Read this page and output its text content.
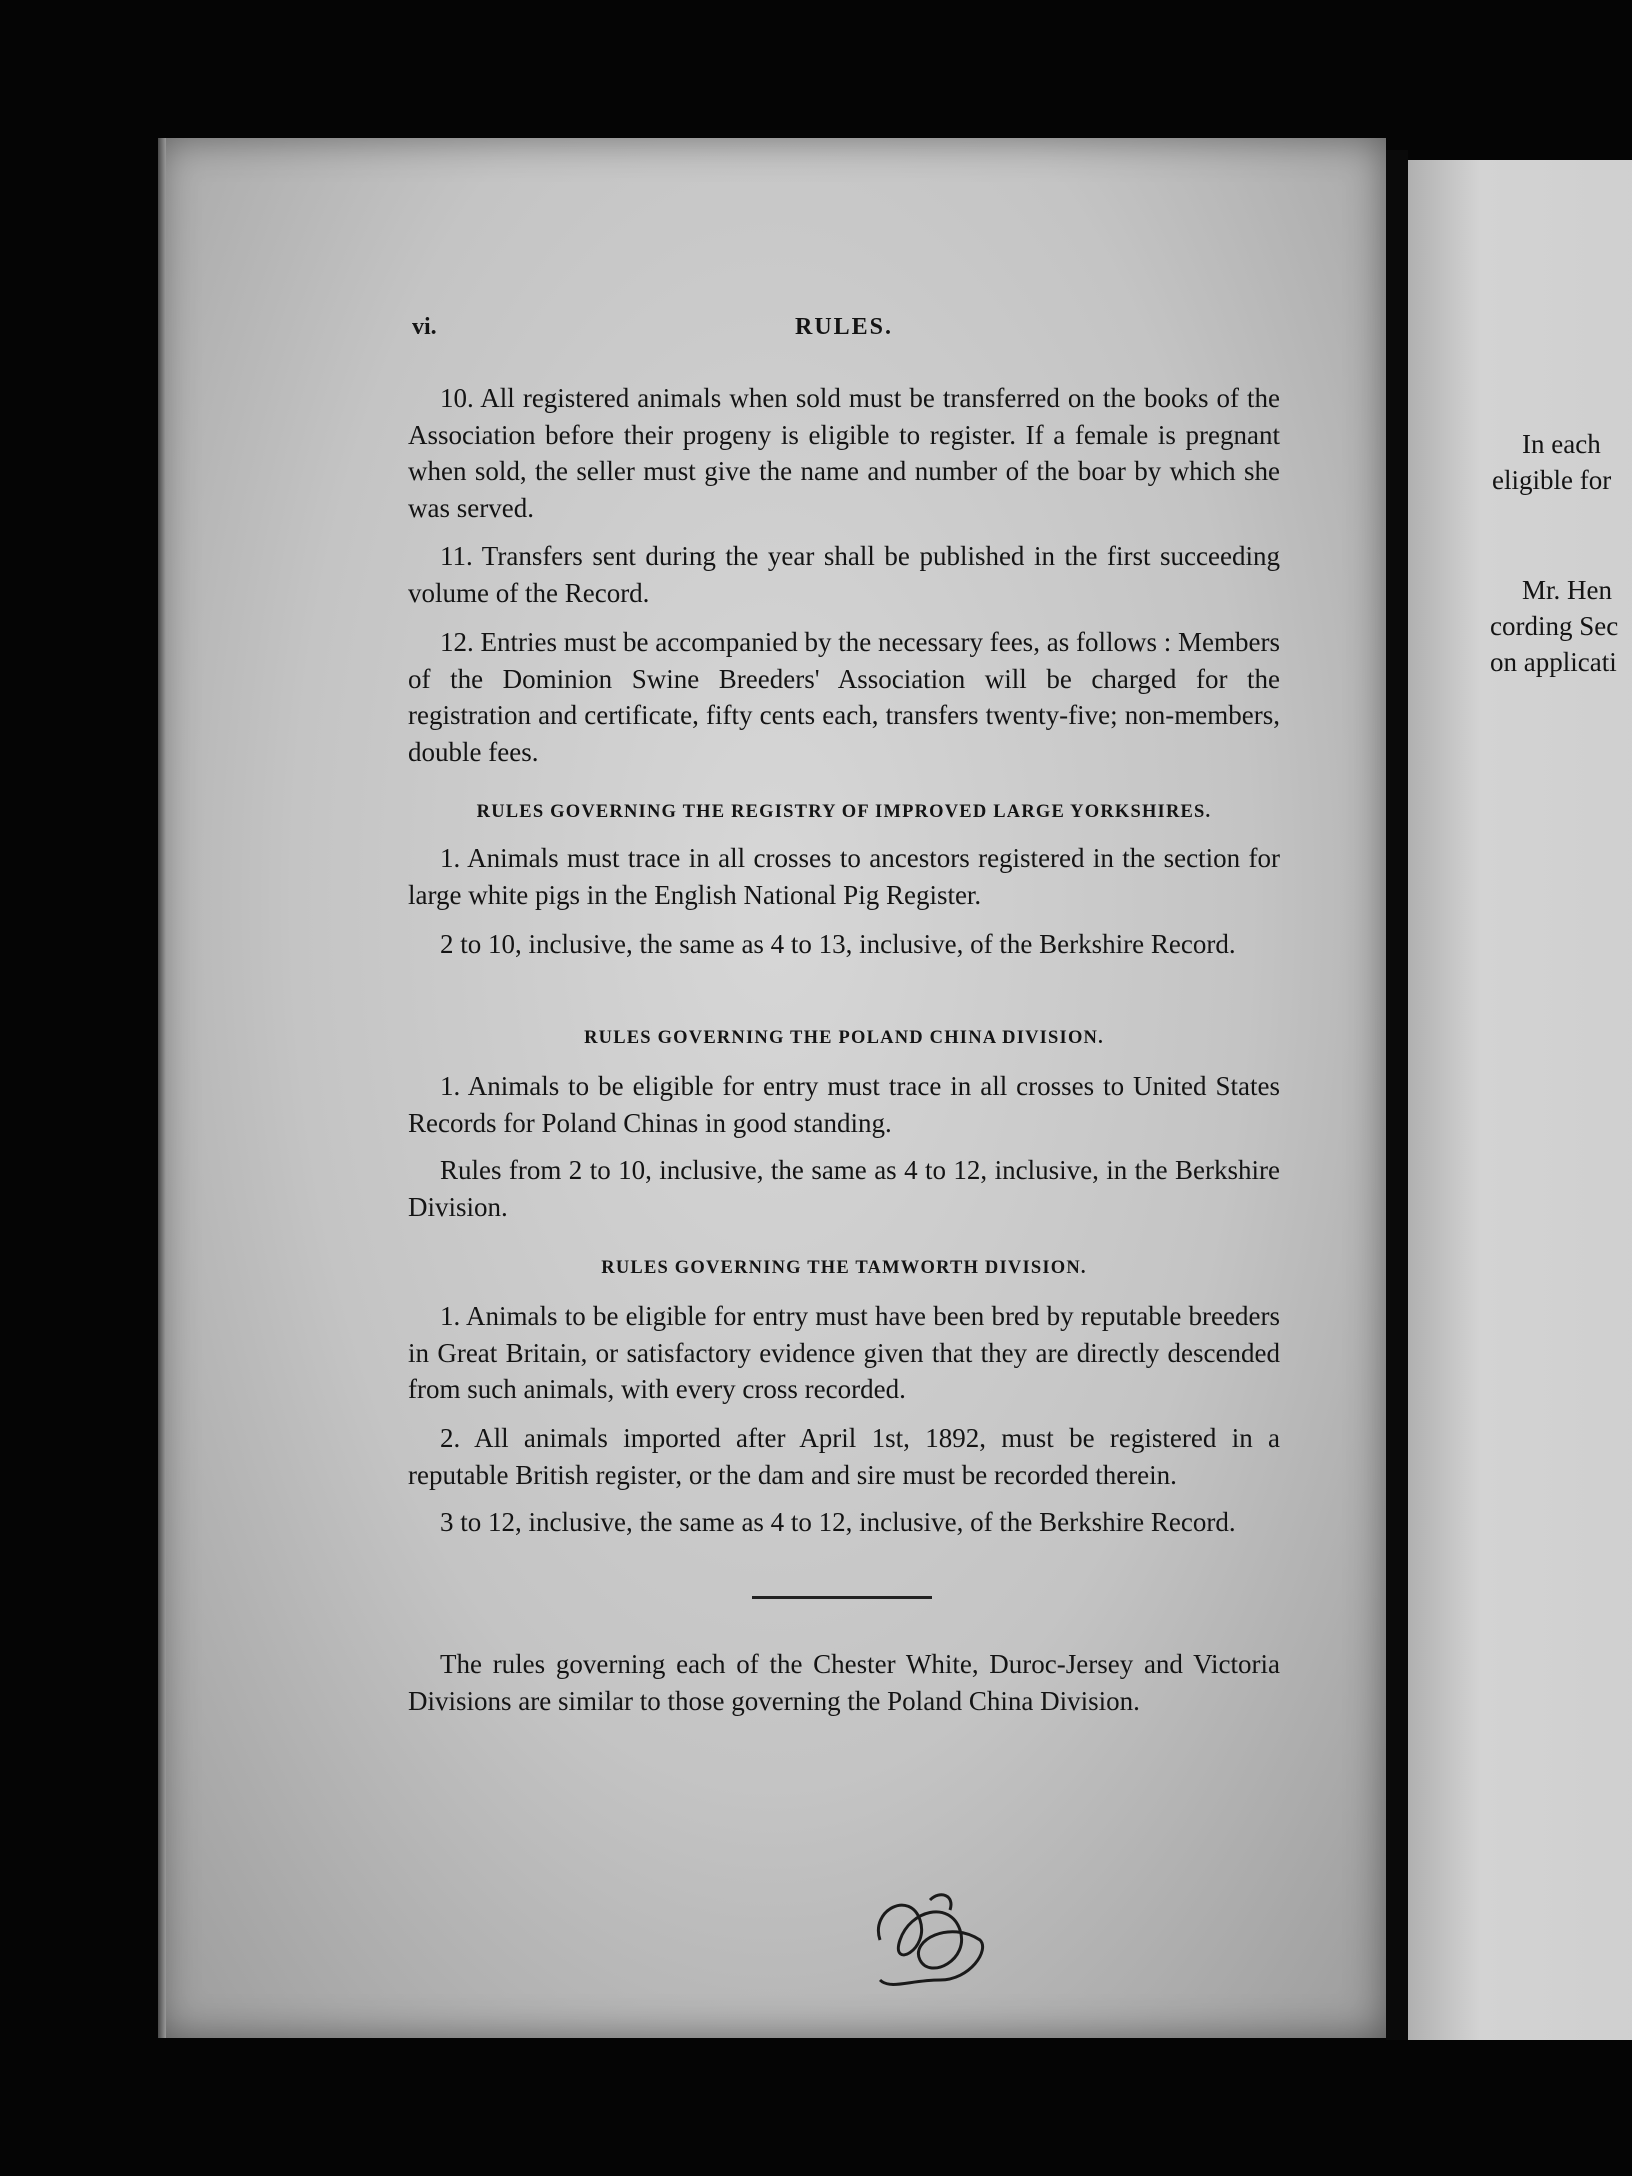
In each
eligible for
Mr. Hen
cording Sec
on applicati
vi.	RULES.
10. All registered animals when sold must be transferred on the books of the Association before their progeny is eligible to register. If a female is pregnant when sold, the seller must give the name and number of the boar by which she was served.
11. Transfers sent during the year shall be published in the first succeeding volume of the Record.
12. Entries must be accompanied by the necessary fees, as follows : Members of the Dominion Swine Breeders' Association will be charged for the registration and certificate, fifty cents each, transfers twenty-five; non-members, double fees.
RULES GOVERNING THE REGISTRY OF IMPROVED LARGE YORKSHIRES.
1. Animals must trace in all crosses to ancestors registered in the section for large white pigs in the English National Pig Register.
2 to 10, inclusive, the same as 4 to 13, inclusive, of the Berkshire Record.
RULES GOVERNING THE POLAND CHINA DIVISION.
1. Animals to be eligible for entry must trace in all crosses to United States Records for Poland Chinas in good standing.
Rules from 2 to 10, inclusive, the same as 4 to 12, inclusive, in the Berkshire Division.
RULES GOVERNING THE TAMWORTH DIVISION.
1. Animals to be eligible for entry must have been bred by reputable breeders in Great Britain, or satisfactory evidence given that they are directly descended from such animals, with every cross recorded.
2. All animals imported after April 1st, 1892, must be registered in a reputable British register, or the dam and sire must be recorded therein.
3 to 12, inclusive, the same as 4 to 12, inclusive, of the Berkshire Record.
The rules governing each of the Chester White, Duroc-Jersey and Victoria Divisions are similar to those governing the Poland China Division.
